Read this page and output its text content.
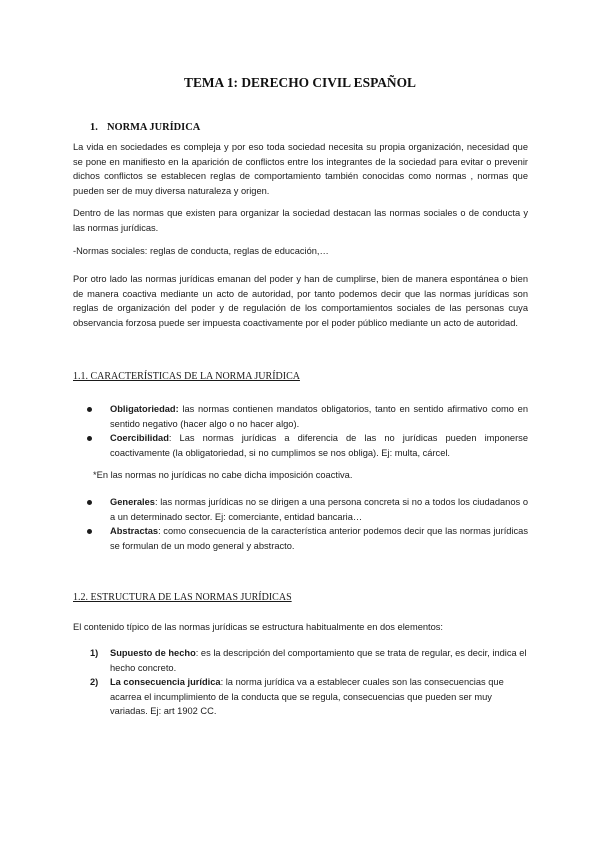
TEMA 1: DERECHO CIVIL ESPAÑOL
1. NORMA JURÍDICA
La vida en sociedades es compleja y por eso toda sociedad necesita su propia organización, necesidad que se pone en manifiesto en la aparición de conflictos entre los integrantes de la sociedad para evitar o prevenir dichos conflictos se establecen reglas de comportamiento también conocidas como normas , normas que pueden ser de muy diversa naturaleza y origen.
Dentro de las normas que existen para organizar la sociedad destacan las normas sociales o de conducta y las normas jurídicas.
-Normas sociales: reglas de conducta, reglas de educación,…
Por otro lado las normas jurídicas emanan del poder y han de cumplirse, bien de manera espontánea o bien de manera coactiva mediante un acto de autoridad, por tanto podemos decir que las normas jurídicas son reglas de organización del poder y de regulación de los comportamientos sociales de las personas cuya observancia forzosa puede ser impuesta coactivamente por el poder público mediante un acto de autoridad.
1.1. CARACTERÍSTICAS DE LA NORMA JURÍDICA
Obligatoriedad: las normas contienen mandatos obligatorios, tanto en sentido afirmativo como en sentido negativo (hacer algo o no hacer algo).
Coercibilidad: Las normas jurídicas a diferencia de las no jurídicas pueden imponerse coactivamente (la obligatoriedad, si no cumplimos se nos obliga). Ej: multa, cárcel.
*En las normas no jurídicas no cabe dicha imposición coactiva.
Generales: las normas jurídicas no se dirigen a una persona concreta si no a todos los ciudadanos o a un determinado sector. Ej: comerciante, entidad bancaria…
Abstractas: como consecuencia de la característica anterior podemos decir que las normas jurídicas se formulan de un modo general y abstracto.
1.2. ESTRUCTURA DE LAS NORMAS JURÍDICAS
El contenido típico de las normas jurídicas se estructura habitualmente en dos elementos:
1) Supuesto de hecho: es la descripción del comportamiento que se trata de regular, es decir, indica el hecho concreto.
2) La consecuencia jurídica: la norma jurídica va a establecer cuales son las consecuencias que acarrea el incumplimiento de la conducta que se regula, consecuencias que pueden ser muy variadas. Ej: art 1902 CC.
